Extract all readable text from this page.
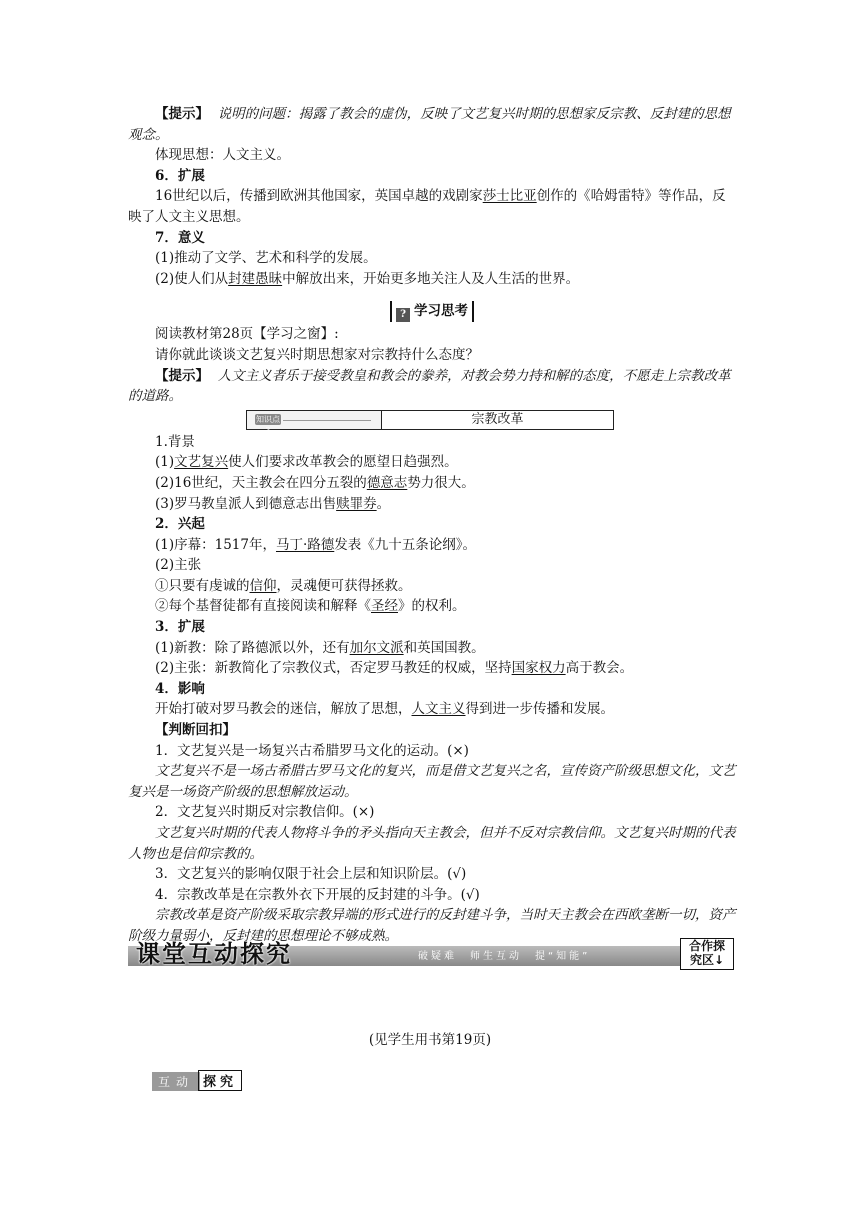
【提示】 说明的问题：揭露了教会的虚伪，反映了文艺复兴时期的思想家反宗教、反封建的思想观念。

体现思想：人文主义。

6．扩展

16世纪以后，传播到欧洲其他国家，英国卓越的戏剧家莎士比亚创作的《哈姆雷特》等作品，反映了人文主义思想。

7．意义

(1)推动了文学、艺术和科学的发展。

(2)使人们从封建愚昧中解放出来，开始更多地关注人及人生活的世界。

? 学习思考

阅读教材第28页【学习之窗】:

请你就此谈谈文艺复兴时期思想家对宗教持什么态度？

【提示】 人文主义者乐于接受教皇和教会的豢养，对教会势力持和解的态度，不愿走上宗教改革的道路。

知识点3
宗教改革

1.背景

(1)文艺复兴使人们要求改革教会的愿望日趋强烈。

(2)16世纪，天主教会在四分五裂的德意志势力很大。

(3)罗马教皇派人到德意志出售赎罪券。

2．兴起

(1)序幕：1517年，马丁·路德发表《九十五条论纲》。

(2)主张

①只要有虔诚的信仰，灵魂便可获得拯救。

②每个基督徒都有直接阅读和解释《圣经》的权利。

3．扩展

(1)新教：除了路德派以外，还有加尔文派和英国国教。

(2)主张：新教简化了宗教仪式，否定罗马教廷的权威，坚持国家权力高于教会。

4．影响

开始打破对罗马教会的迷信，解放了思想，人文主义得到进一步传播和发展。

【判断回扣】

1．文艺复兴是一场复兴古希腊罗马文化的运动。(×)

文艺复兴不是一场古希腊古罗马文化的复兴，而是借文艺复兴之名，宣传资产阶级思想文化，文艺复兴是一场资产阶级的思想解放运动。

2．文艺复兴时期反对宗教信仰。(×)

文艺复兴时期的代表人物将斗争的矛头指向天主教会，但并不反对宗教信仰。文艺复兴时期的代表人物也是信仰宗教的。

3．文艺复兴的影响仅限于社会上层和知识阶层。(√)

4．宗教改革是在宗教外衣下开展的反封建的斗争。(√)

宗教改革是资产阶级采取宗教异端的形式进行的反封建斗争，当时天主教会在西欧垄断一切，资产阶级力量弱小，反封建的思想理论不够成熟。

课堂互动探究	破疑难　师生互动　提“知能”
合作探
究区↓
(见学生用书第19页)
互动 探究
